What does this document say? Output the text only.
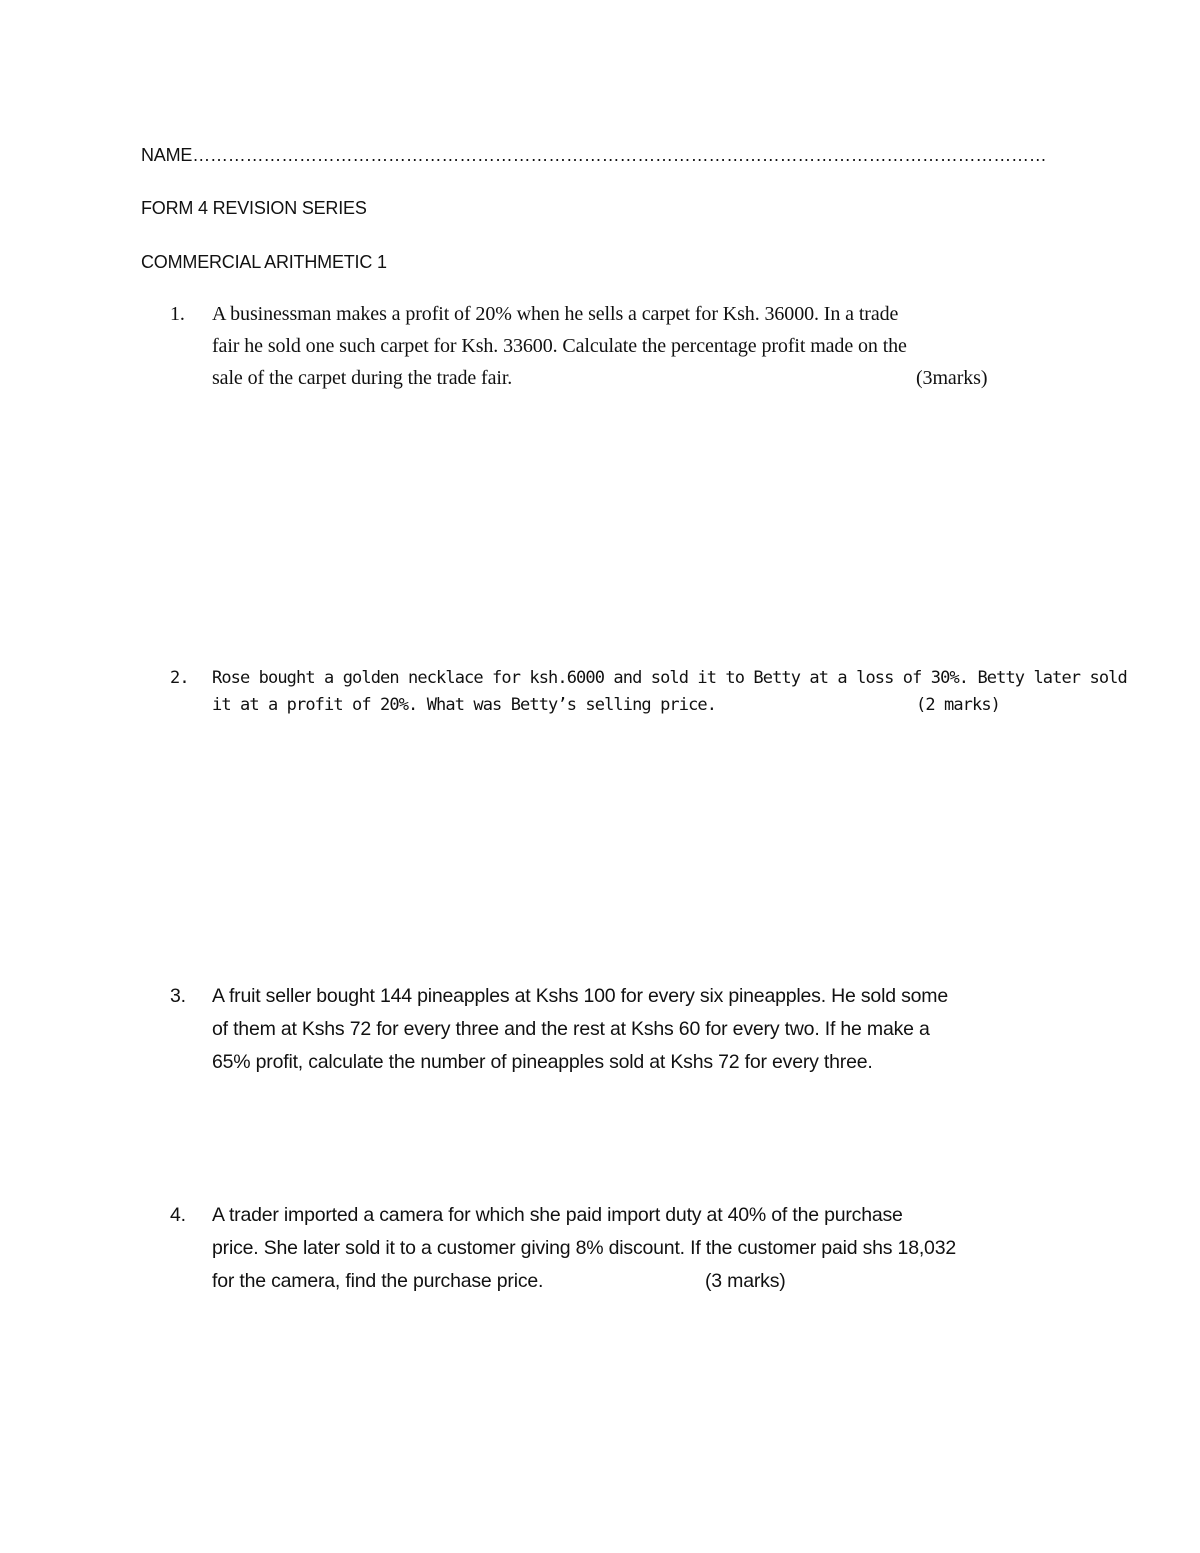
NAME………………………………………………………………………………………………………………………………
FORM 4 REVISION SERIES
COMMERCIAL ARITHMETIC 1
1.	A businessman makes a profit of 20% when he sells a carpet for Ksh. 36000. In a trade
fair he sold one such carpet for Ksh. 33600. Calculate the percentage profit made on the
sale of the carpet during the trade fair.	(3marks)
2.	Rose bought a golden necklace for ksh.6000 and sold it to Betty at a loss of 30%. Betty later sold
it at a profit of 20%. What was Betty’s selling price.	(2 marks)
3.	A fruit seller bought 144 pineapples at Kshs 100 for every six pineapples. He sold some
of them at Kshs 72 for every three and the rest at Kshs 60 for every two. If he make a
65% profit, calculate the number of pineapples sold at Kshs 72 for every three.
4.	A trader imported a camera for which she paid import duty at 40% of the purchase
price. She later sold it to a customer giving 8% discount. If the customer paid shs 18,032
for the camera, find the purchase price.	(3 marks)
